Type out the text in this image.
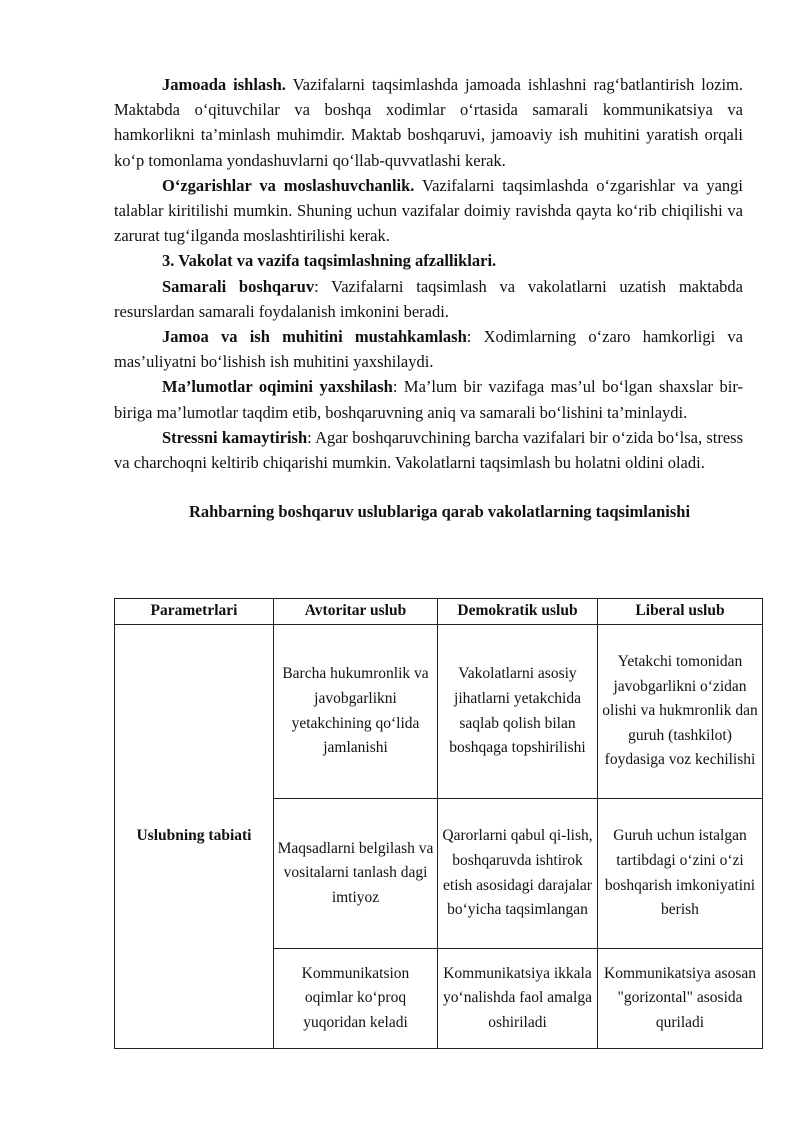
Jamoada ishlash. Vazifalarni taqsimlashda jamoada ishlashni rag‘batlantirish lozim. Maktabda o‘qituvchilar va boshqa xodimlar o‘rtasida samarali kommunikatsiya va hamkorlikni ta’minlash muhimdir. Maktab boshqaruvi, jamoaviy ish muhitini yaratish orqali ko‘p tomonlama yondashuvlarni qo‘llab-quvvatlashi kerak.

O‘zgarishlar va moslashuvchanlik. Vazifalarni taqsimlashda o‘zgarishlar va yangi talablar kiritilishi mumkin. Shuning uchun vazifalar doimiy ravishda qayta ko‘rib chiqilishi va zarurat tug‘ilganda moslashtirilishi kerak.

3. Vakolat va vazifa taqsimlashning afzalliklari.

Samarali boshqaruv: Vazifalarni taqsimlash va vakolatlarni uzatish maktabda resurslardan samarali foydalanish imkonini beradi.

Jamoa va ish muhitini mustahkamlash: Xodimlarning o‘zaro hamkorligi va mas’uliyatni bo‘lishish ish muhitini yaxshilaydi.

Ma’lumotlar oqimini yaxshilash: Ma’lum bir vazifaga mas’ul bo‘lgan shaxslar bir-biriga ma’lumotlar taqdim etib, boshqaruvning aniq va samarali bo‘lishini ta’minlaydi.

Stressni kamaytirish: Agar boshqaruvchining barcha vazifalari bir o‘zida bo‘lsa, stress va charchoqni keltirib chiqarishi mumkin. Vakolatlarni taqsimlash bu holatni oldini oladi.

Rahbarning boshqaruv uslublariga qarab vakolatlarning taqsimlanishi
Parametrlari	Avtoritar uslub	Demokratik uslub	Liberal uslub
Uslubning tabiati	Barcha hukumronlik va javobgarlikni yetakchining qo‘lida jamlanishi	Vakolatlarni asosiy jihatlarni yetakchida saqlab qolish bilan boshqaga topshirilishi	Yetakchi tomonidan javobgarlikni o‘zidan olishi va hukmronlik dan guruh (tashkilot) foydasiga voz kechilishi
	Maqsadlarni belgilash va vositalarni tanlash dagi imtiyoz	Qarorlarni qabul qi-lish, boshqaruvda ishtirok etish asosidagi darajalar bo‘yicha taqsimlangan	Guruh uchun istalgan tartibdagi o‘zini o‘zi boshqarish imkoniyatini berish
	Kommunikatsion oqimlar ko‘proq yuqoridan keladi	Kommunikatsiya ikkala yo‘nalishda faol amalga oshiriladi	Kommunikatsiya asosan "gorizontal" asosida quriladi
